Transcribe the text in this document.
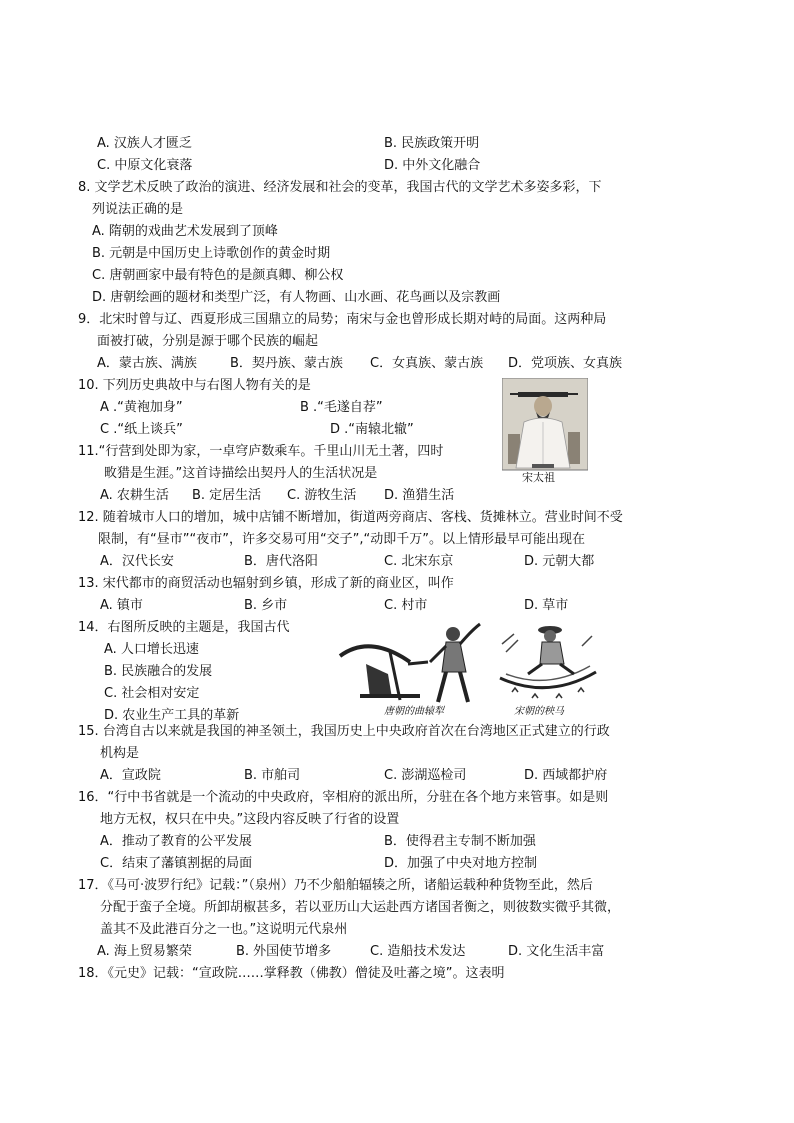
A. 汉族人才匮乏	B. 民族政策开明
C. 中原文化衰落	D. 中外文化融合
8. 文学艺术反映了政治的演进、经济发展和社会的变革，我国古代的文学艺术多姿多彩，下
列说法正确的是
A. 隋朝的戏曲艺术发展到了顶峰
B. 元朝是中国历史上诗歌创作的黄金时期
C. 唐朝画家中最有特色的是颜真卿、柳公权
D. 唐朝绘画的题材和类型广泛，有人物画、山水画、花鸟画以及宗教画
9．北宋时曾与辽、西夏形成三国鼎立的局势；南宋与金也曾形成长期对峙的局面。这两种局
面被打破，分别是源于哪个民族的崛起
A．蒙古族、满族	B．契丹族、蒙古族 C．女真族、蒙古族 D．党项族、女真族
10. 下列历史典故中与右图人物有关的是
A .“黄袍加身”	B .“毛遂自荐”
C .“纸上谈兵”	D .“南辕北辙”
宋太祖
11.“行营到处即为家，一卓穹庐数乘车。千里山川无土著，四时
畋猎是生涯。”这首诗描绘出契丹人的生活状况是
A. 农耕生活 B. 定居生活 C. 游牧生活 D. 渔猎生活
12. 随着城市人口的增加，城中店铺不断增加，街道两旁商店、客栈、货摊林立。营业时间不受
限制，有“昼市”“夜市”，许多交易可用“交子”,“动即千万”。以上情形最早可能出现在
A．汉代长安	B．唐代洛阳	C. 北宋东京	D. 元朝大都
13. 宋代都市的商贸活动也辐射到乡镇，形成了新的商业区，叫作
A. 镇市	B. 乡市	C. 村市	D. 草市
14．右图所反映的主题是，我国古代
A. 人口增长迅速
B. 民族融合的发展
C. 社会相对安定
D. 农业生产工具的革新	唐朝的曲辕犁	宋朝的秧马
15. 台湾自古以来就是我国的神圣领土，我国历史上中央政府首次在台湾地区正式建立的行政
机构是
A．宣政院	B. 市舶司	C. 澎湖巡检司	D. 西域都护府
16．“行中书省就是一个流动的中央政府，宰相府的派出所，分驻在各个地方来管事。如是则
地方无权，权只在中央。”这段内容反映了行省的设置
A．推动了教育的公平发展	B．使得君主专制不断加强
C．结束了藩镇割据的局面	D．加强了中央对地方控制
17．《马可·波罗行纪》记载：”（泉州）乃不少船舶辐辏之所，诸船运载种种货物至此，然后
分配于蛮子全境。所卸胡椒甚多，若以亚历山大运赴西方诸国者衡之，则彼数实微乎其微，
盖其不及此港百分之一也。”这说明元代泉州
A. 海上贸易繁荣	B. 外国使节增多	C. 造船技术发达	D. 文化生活丰富
18．《元史》记载：“宣政院……掌释教（佛教）僧徒及吐蕃之境”。这表明
